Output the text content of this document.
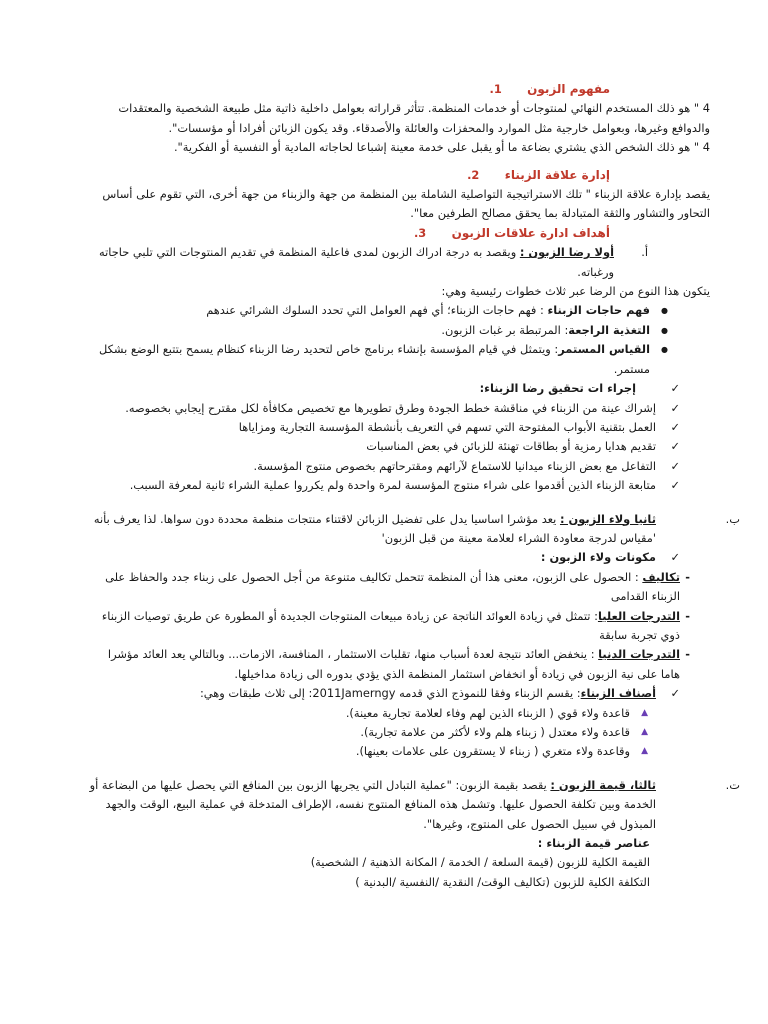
مفهوم الزبون 1.

4 " هو ذلك المستخدم النهائي لمنتوجات أو خدمات المنظمة. تتأثر قراراته بعوامل داخلية ذاتية مثل طبيعة الشخصية والمعتقدات والدوافع وغيرها، وبعوامل خارجية مثل الموارد والمحفزات والعائلة والأصدقاء. وقد يكون الزبائن أفرادا أو مؤسسات".

4 " هو ذلك الشخص الذي يشتري بضاعة ما أو يقبل على خدمة معينة إشباعا لحاجاته المادية أو النفسية أو الفكرية".

إدارة علاقة الزبناء 2.

يقصد بإدارة علاقة الزبناء " تلك الاستراتيجية التواصلية الشاملة بين المنظمة من جهة والزبناء من جهة أخرى، التي تقوم على أساس التحاور والتشاور والثقة المتبادلة بما يحقق مصالح الطرفين معا".

أهداف ادارة علاقات الزبون 3.

أ.
أولا رضا الزبون : ويقصد به درجة ادراك الزبون لمدى فاعلية المنظمة في تقديم المنتوجات التي تلبي حاجاته ورغباته.

يتكون هذا النوع من الرضا عبر ثلاث خطوات رئيسية وهي:

● فهم حاجات الزبناء : فهم حاجات الزبناء؛ أي فهم العوامل التي تحدد السلوك الشرائي عندهم
● التغذية الراجعة: المرتبطة بر غبات الزبون.
● القياس المستمر: ويتمثل في قيام المؤسسة بإنشاء برنامج خاص لتحديد رضا الزبناء كنظام يسمح بتتبع الوضع بشكل مستمر.
✓ إجراء ات تحقيق رضا الزبناء:
✓ إشراك عينة من الزبناء في مناقشة خطط الجودة وطرق تطويرها مع تخصيص مكافأة لكل مقترح إيجابي بخصوصه.
✓ العمل بتقنية الأبواب المفتوحة التي تسهم في التعريف بأنشطة المؤسسة التجارية ومزاياها
✓ تقديم هدايا رمزية أو بطاقات تهنئة للزبائن في بعض المناسبات
✓ التفاعل مع بعض الزبناء ميدانيا للاستماع لآرائهم ومقترحاتهم بخصوص منتوج المؤسسة.
✓ متابعة الزبناء الذين أقدموا على شراء منتوج المؤسسة لمرة واحدة ولم يكرروا عملية الشراء ثانية لمعرفة السبب.

ب.
ثانيا ولاء الزبون : يعد مؤشرا اساسيا يدل على تفضيل الزبائن لاقتناء منتجات منظمة محددة دون سواها. لذا يعرف بأنه 'مقياس لدرجة معاودة الشراء لعلامة معينة من قبل الزبون'

✓ مكونات ولاء الزبون :
- تكاليف : الحصول على الزبون، معنى هذا أن المنظمة تتحمل تكاليف متنوعة من أجل الحصول على زبناء جدد والحفاظ على الزبناء القدامى
- التدرجات العليا: تتمثل في زيادة العوائد الناتجة عن زيادة مبيعات المنتوجات الجديدة أو المطورة عن طريق توصيات الزبناء ذوي تجربة سابقة
- التدرجات الدنيا : ينخفض العائد نتيجة لعدة أسباب منها، تقلبات الاستثمار ، المنافسة، الازمات... وبالتالي يعد العائد مؤشرا هاما على نية الزبون في زيادة أو انخفاض استثمار المنظمة الذي يؤدي بدوره الى زيادة مداخيلها.
✓ أصناف الزبناء: يقسم الزبناء وفقا للنموذج الذي قدمه 2011Jamerngy: إلى ثلاث طبقات وهي:
▲ قاعدة ولاء قوي ( الزبناء الذين لهم وفاء لعلامة تجارية معينة).
▲ قاعدة ولاء معتدل ( زبناء هلم ولاء لأكثر من علامة تجارية).
▲ وقاعدة ولاء متغري ( زبناء لا يستقرون على علامات بعينها).

ت.
ثالثا، قيمة الزبون : يقصد بقيمة الزبون: "عملية التبادل التي يجريها الزبون بين المنافع التي يحصل عليها من البضاعة أو الخدمة وبين تكلفة الحصول عليها. وتشمل هذه المنافع المنتوج نفسه، الإطراف المتدخلة في عملية البيع، الوقت والجهد المبذول في سبيل الحصول على المنتوج، وغيرها".

عناصر قيمة الزبناء :

القيمة الكلية للزبون (قيمة السلعة / الخدمة / المكانة الذهنية / الشخصية)

التكلفة الكلية للزبون (تكاليف الوقت/ النقدية /النفسية /البدنية )
